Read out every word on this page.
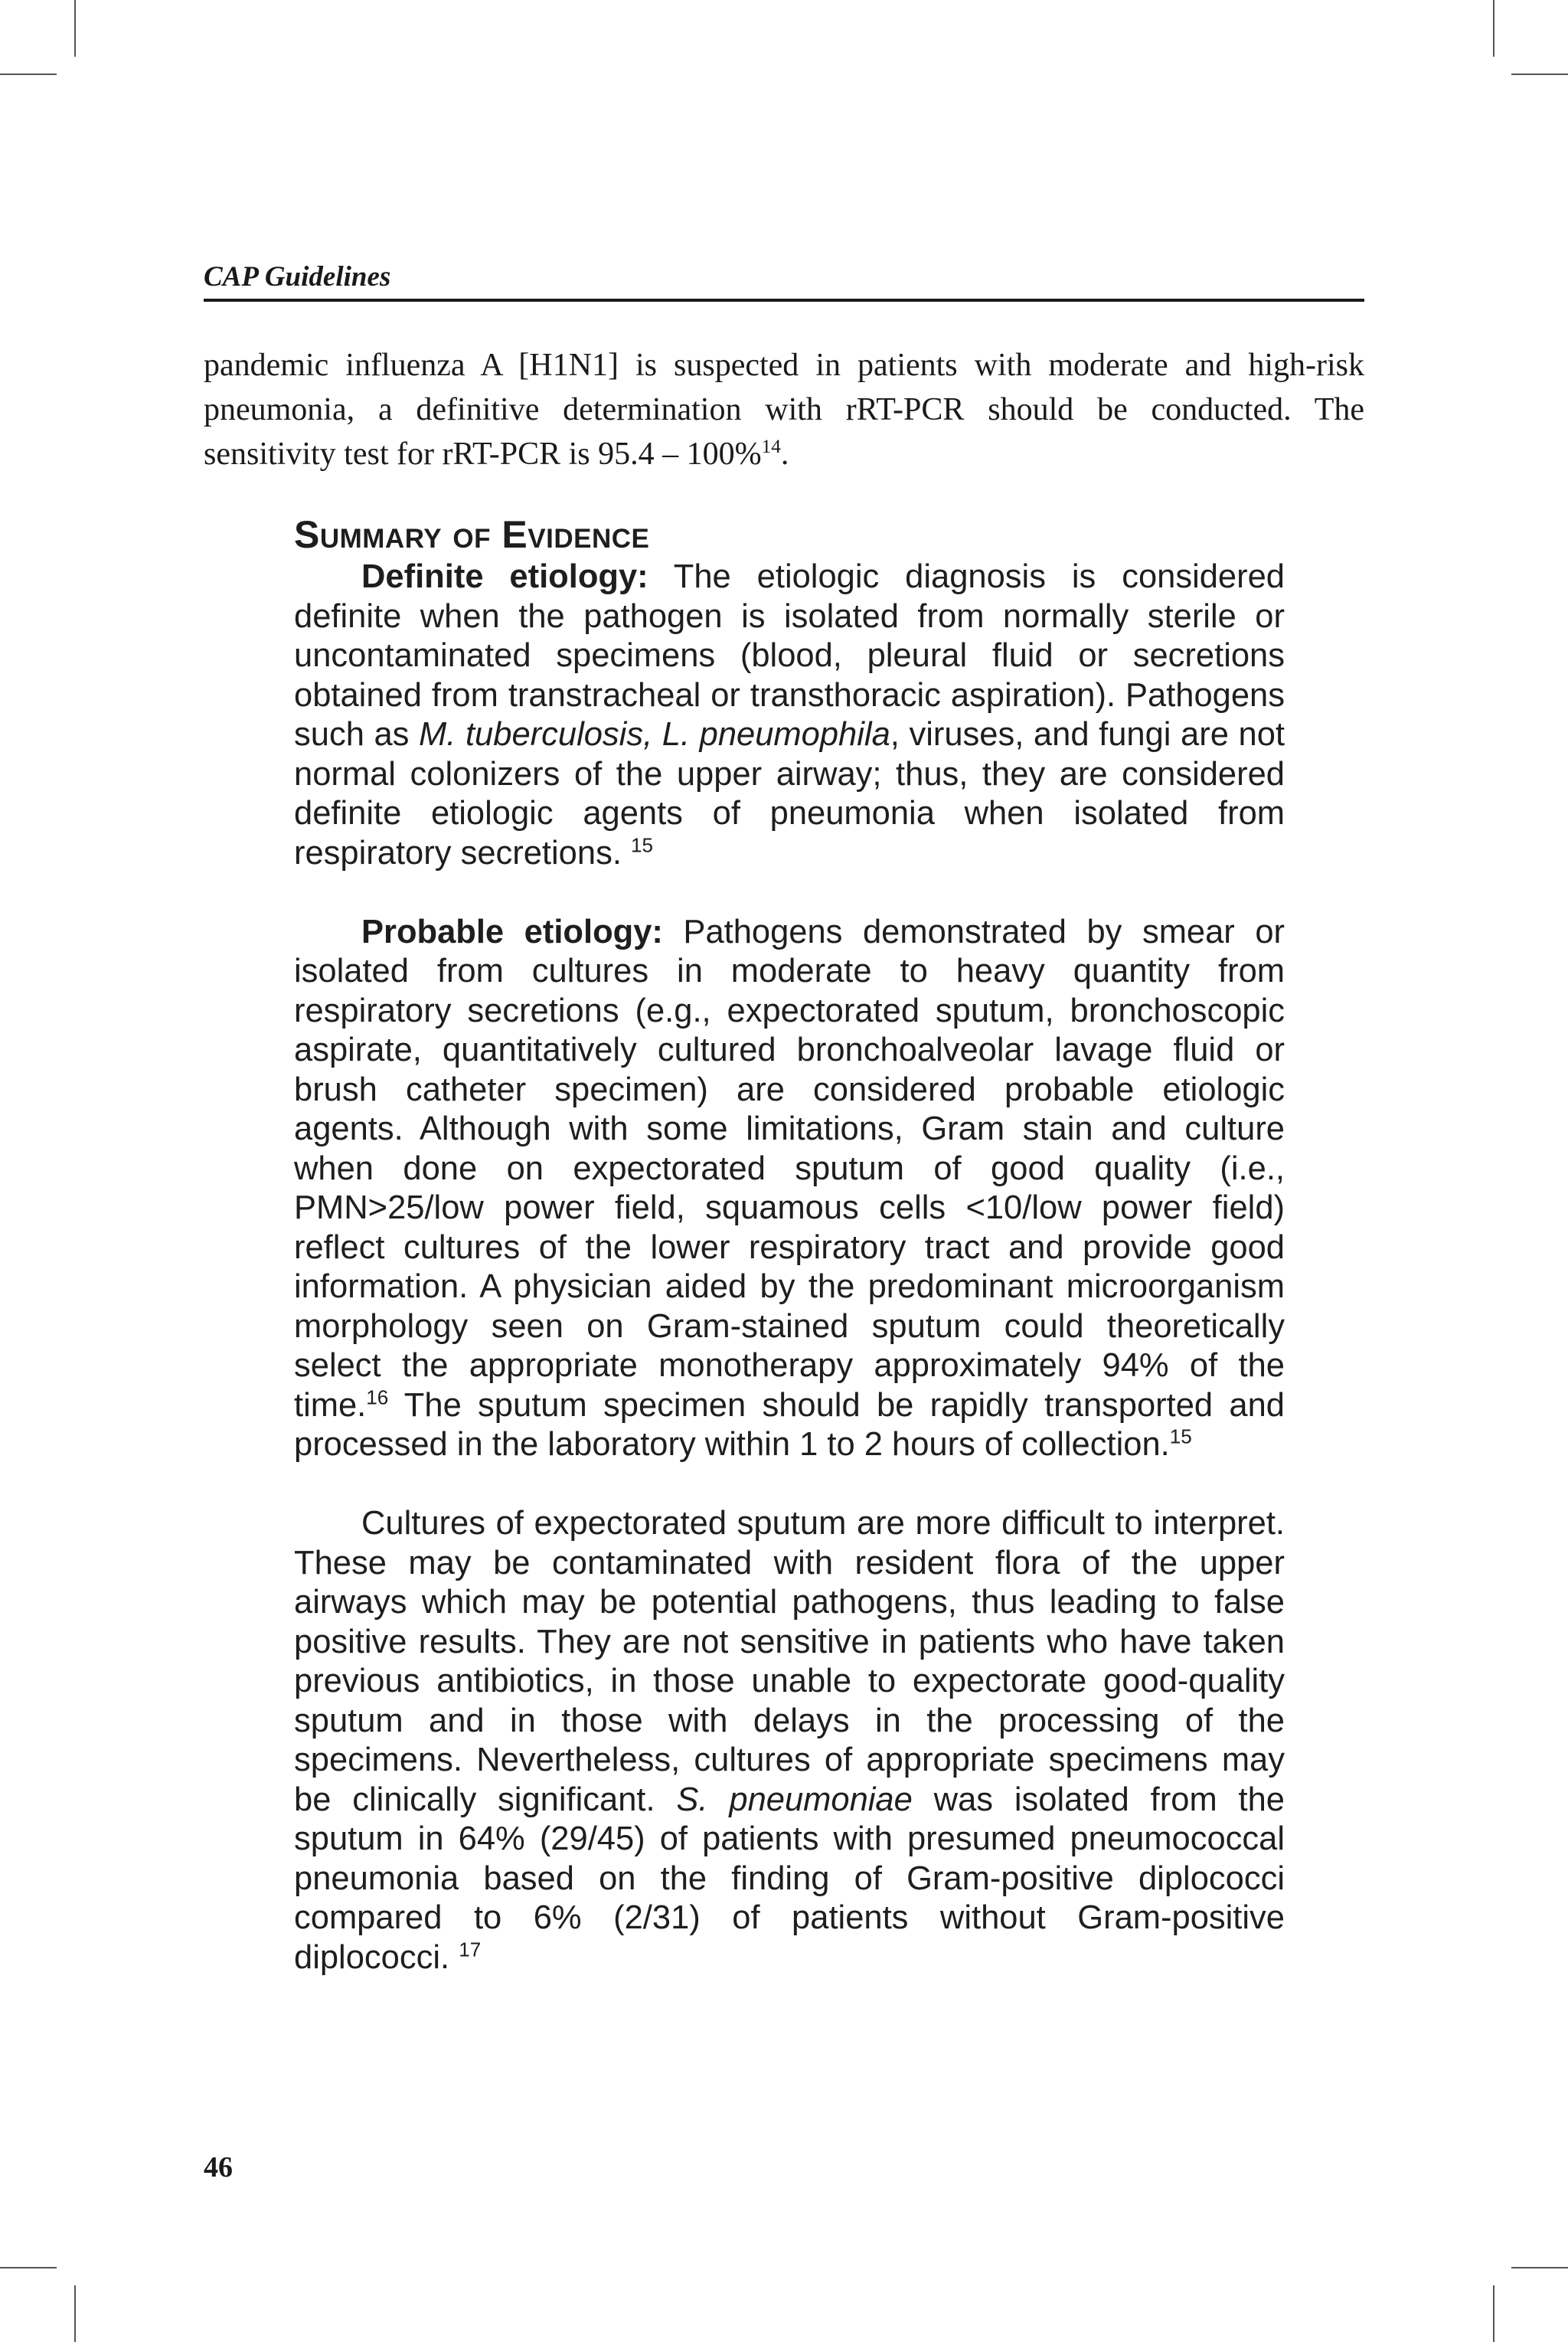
CAP Guidelines

pandemic influenza A [H1N1] is suspected in patients with moderate and high-risk pneumonia, a definitive determination with rRT-PCR should be conducted. The sensitivity test for rRT-PCR is 95.4 – 100%$^{14}$.

Summary of Evidence

Definite etiology: The etiologic diagnosis is considered definite when the pathogen is isolated from normally sterile or uncontaminated specimens (blood, pleural fluid or secretions obtained from transtracheal or transthoracic aspiration). Pathogens such as M. tuberculosis, L. pneumophila, viruses, and fungi are not normal colonizers of the upper airway; thus, they are considered definite etiologic agents of pneumonia when isolated from respiratory secretions. $^{15}$

Probable etiology: Pathogens demonstrated by smear or isolated from cultures in moderate to heavy quantity from respiratory secretions (e.g., expectorated sputum, bronchoscopic aspirate, quantitatively cultured bronchoalveolar lavage fluid or brush catheter specimen) are considered probable etiologic agents. Although with some limitations, Gram stain and culture when done on expectorated sputum of good quality (i.e., PMN>25/low power field, squamous cells <10/low power field) reflect cultures of the lower respiratory tract and provide good information. A physician aided by the predominant microorganism morphology seen on Gram-stained sputum could theoretically select the appropriate monotherapy approximately 94% of the time.$^{16}$ The sputum specimen should be rapidly transported and processed in the laboratory within 1 to 2 hours of collection.$^{15}$

Cultures of expectorated sputum are more difficult to interpret. These may be contaminated with resident flora of the upper airways which may be potential pathogens, thus leading to false positive results. They are not sensitive in patients who have taken previous antibiotics, in those unable to expectorate good-quality sputum and in those with delays in the processing of the specimens. Nevertheless, cultures of appropriate specimens may be clinically significant. S. pneumoniae was isolated from the sputum in 64% (29/45) of patients with presumed pneumococcal pneumonia based on the finding of Gram-positive diplococci compared to 6% (2/31) of patients without Gram-positive diplococci. $^{17}$

46
